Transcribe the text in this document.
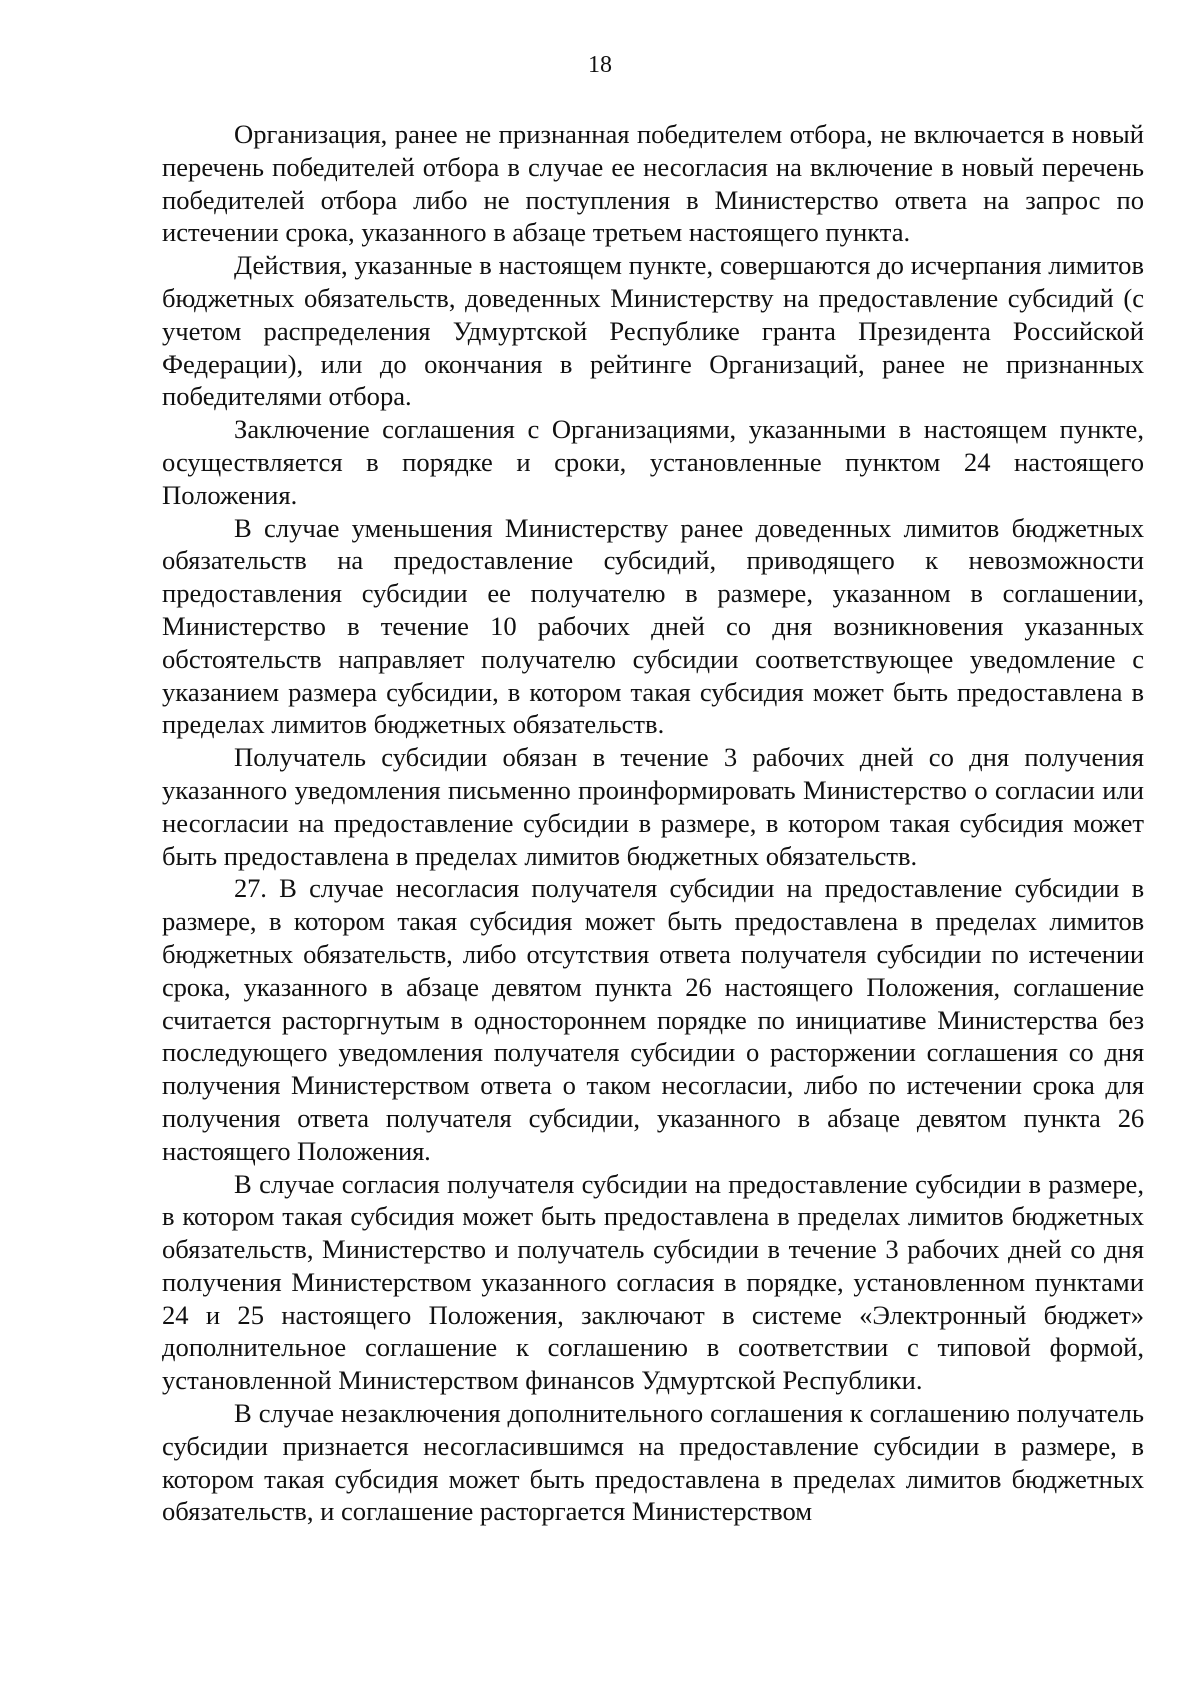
18

Организация, ранее не признанная победителем отбора, не включается в новый перечень победителей отбора в случае ее несогласия на включение в новый перечень победителей отбора либо не поступления в Министерство ответа на запрос по истечении срока, указанного в абзаце третьем настоящего пункта.

Действия, указанные в настоящем пункте, совершаются до исчерпания лимитов бюджетных обязательств, доведенных Министерству на предоставление субсидий (с учетом распределения Удмуртской Республике гранта Президента Российской Федерации), или до окончания в рейтинге Организаций, ранее не признанных победителями отбора.

Заключение соглашения с Организациями, указанными в настоящем пункте, осуществляется в порядке и сроки, установленные пунктом 24 настоящего Положения.

В случае уменьшения Министерству ранее доведенных лимитов бюджетных обязательств на предоставление субсидий, приводящего к невозможности предоставления субсидии ее получателю в размере, указанном в соглашении, Министерство в течение 10 рабочих дней со дня возникновения указанных обстоятельств направляет получателю субсидии соответствующее уведомление с указанием размера субсидии, в котором такая субсидия может быть предоставлена в пределах лимитов бюджетных обязательств.

Получатель субсидии обязан в течение 3 рабочих дней со дня получения указанного уведомления письменно проинформировать Министерство о согласии или несогласии на предоставление субсидии в размере, в котором такая субсидия может быть предоставлена в пределах лимитов бюджетных обязательств.

27. В случае несогласия получателя субсидии на предоставление субсидии в размере, в котором такая субсидия может быть предоставлена в пределах лимитов бюджетных обязательств, либо отсутствия ответа получателя субсидии по истечении срока, указанного в абзаце девятом пункта 26 настоящего Положения, соглашение считается расторгнутым в одностороннем порядке по инициативе Министерства без последующего уведомления получателя субсидии о расторжении соглашения со дня получения Министерством ответа о таком несогласии, либо по истечении срока для получения ответа получателя субсидии, указанного в абзаце девятом пункта 26 настоящего Положения.

В случае согласия получателя субсидии на предоставление субсидии в размере, в котором такая субсидия может быть предоставлена в пределах лимитов бюджетных обязательств, Министерство и получатель субсидии в течение 3 рабочих дней со дня получения Министерством указанного согласия в порядке, установленном пунктами 24 и 25 настоящего Положения, заключают в системе «Электронный бюджет» дополнительное соглашение к соглашению в соответствии с типовой формой, установленной Министерством финансов Удмуртской Республики.

В случае незаключения дополнительного соглашения к соглашению получатель субсидии признается несогласившимся на предоставление субсидии в размере, в котором такая субсидия может быть предоставлена в пределах лимитов бюджетных обязательств, и соглашение расторгается Министерством
